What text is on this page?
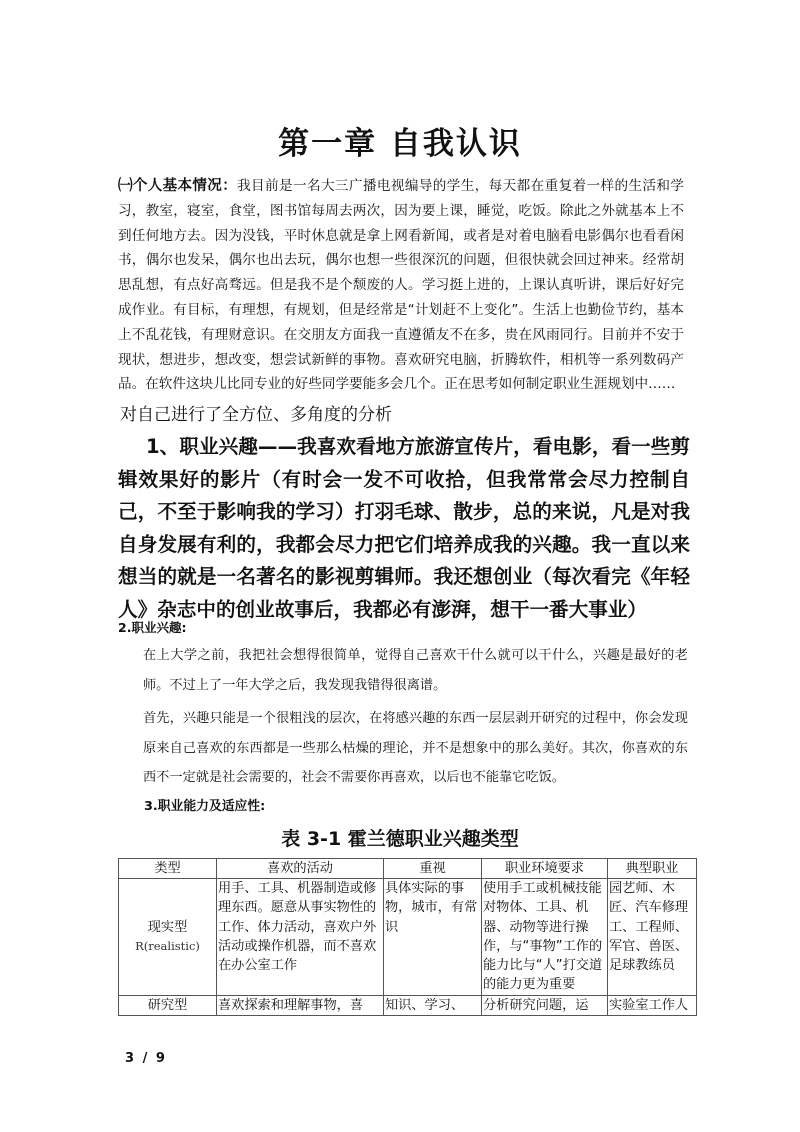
第一章 自我认识
㈠个人基本情况：我目前是一名大三广播电视编导的学生，每天都在重复着一样的生活和学习，教室，寝室，食堂，图书馆每周去两次，因为要上课，睡觉，吃饭。除此之外就基本上不到任何地方去。因为没钱，平时休息就是拿上网看新闻，或者是对着电脑看电影偶尔也看看闲书，偶尔也发呆，偶尔也出去玩，偶尔也想一些很深沉的问题，但很快就会回过神来。经常胡思乱想，有点好高骛远。但是我不是个颓废的人。学习挺上进的，上课认真听讲，课后好好完成作业。有目标，有理想，有规划，但是经常是“计划赶不上变化”。生活上也勤俭节约，基本上不乱花钱，有理财意识。在交朋友方面我一直遵循友不在多，贵在风雨同行。目前并不安于现状，想进步，想改变，想尝试新鲜的事物。喜欢研究电脑，折腾软件，相机等一系列数码产品。在软件这块儿比同专业的好些同学要能多会几个。正在思考如何制定职业生涯规划中……
对自己进行了全方位、多角度的分析
1、职业兴趣——我喜欢看地方旅游宣传片，看电影，看一些剪辑效果好的影片（有时会一发不可收拾，但我常常会尽力控制自己，不至于影响我的学习）打羽毛球、散步，总的来说，凡是对我自身发展有利的，我都会尽力把它们培养成我的兴趣。我一直以来想当的就是一名著名的影视剪辑师。我还想创业（每次看完《年轻人》杂志中的创业故事后，我都必有澎湃，想干一番大事业）
2.职业兴趣:
在上大学之前，我把社会想得很简单，觉得自己喜欢干什么就可以干什么，兴趣是最好的老师。不过上了一年大学之后，我发现我错得很离谱。
首先，兴趣只能是一个很粗浅的层次，在将感兴趣的东西一层层剥开研究的过程中，你会发现原来自己喜欢的东西都是一些那么枯燥的理论，并不是想象中的那么美好。其次，你喜欢的东西不一定就是社会需要的，社会不需要你再喜欢，以后也不能靠它吃饭。
3.职业能力及适应性:
表 3-1 霍兰德职业兴趣类型
类型	喜欢的活动	重视	职业环境要求	典型职业

现实型
R(realistic)	用手、工具、机器制造或修理东西。愿意从事实物性的工作、体力活动，喜欢户外活动或操作机器，而不喜欢在办公室工作	具体实际的事物，城市，有常识	使用手工或机械技能对物体、工具、机器、动物等进行操作，与“事物”工作的能力比与“人”打交道的能力更为重要	园艺师、木匠、汽车修理工、工程师、军官、兽医、足球教练员

研究型	喜欢探索和理解事物，喜	知识、学习、	分析研究问题，运	实验室工作人
3 / 9
